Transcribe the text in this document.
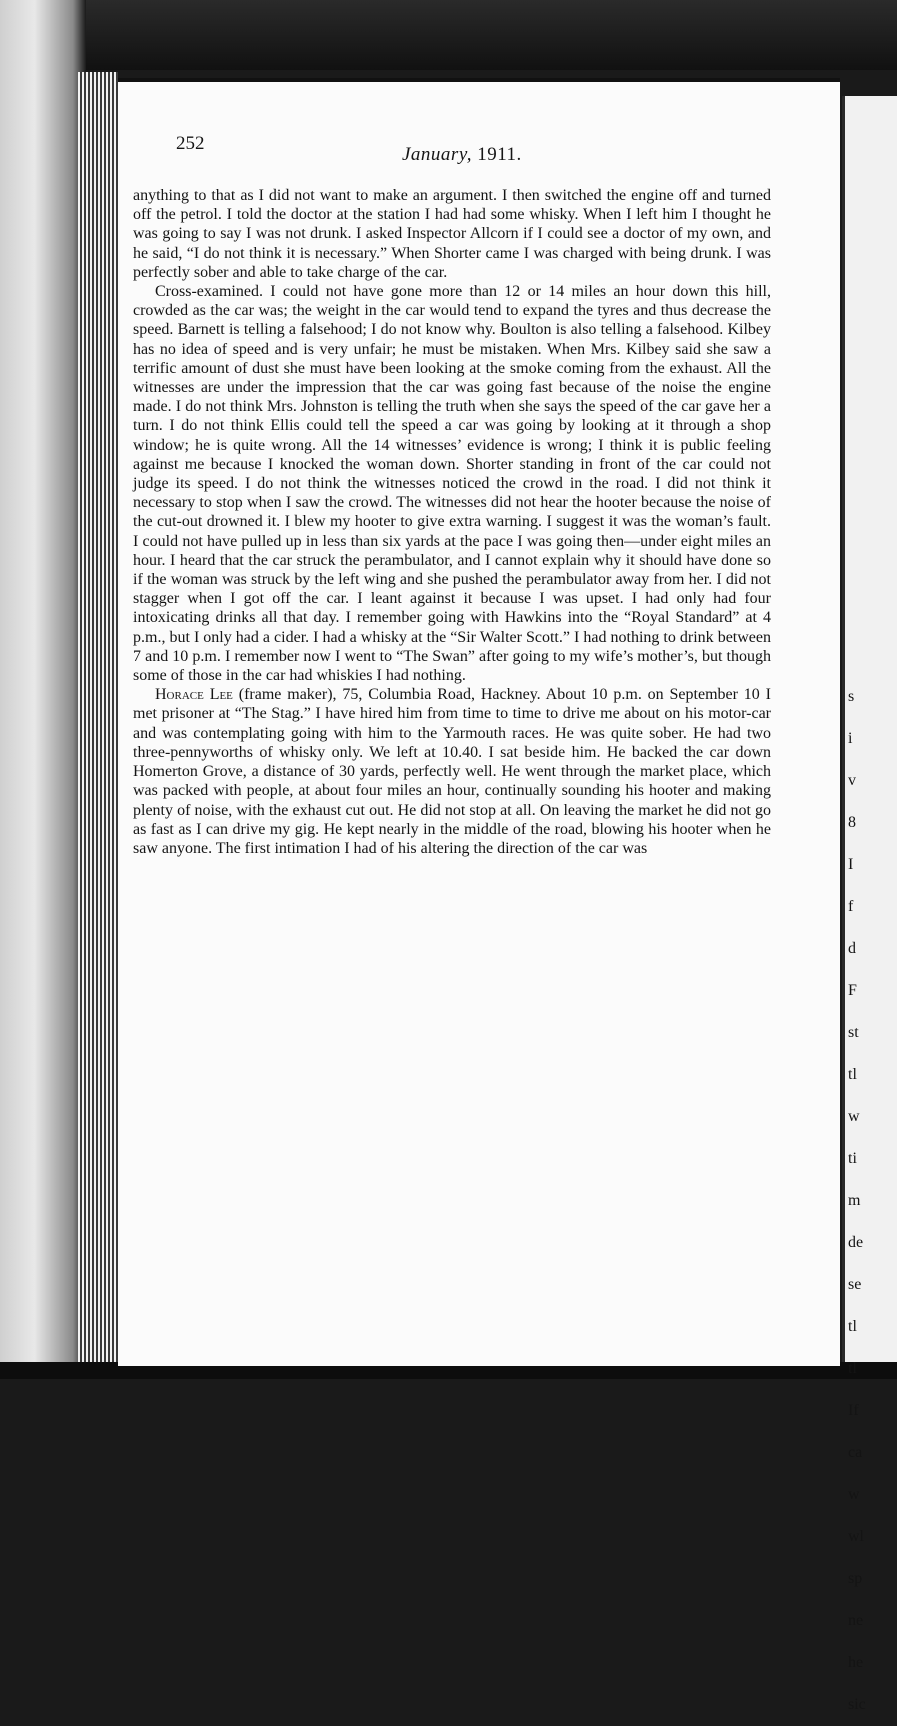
252
January, 1911.

anything to that as I did not want to make an argument. I then switched the engine off and turned off the petrol. I told the doctor at the station I had had some whisky. When I left him I thought he was going to say I was not drunk. I asked Inspector Allcorn if I could see a doctor of my own, and he said, “I do not think it is necessary.” When Shorter came I was charged with being drunk. I was perfectly sober and able to take charge of the car.

Cross-examined. I could not have gone more than 12 or 14 miles an hour down this hill, crowded as the car was; the weight in the car would tend to expand the tyres and thus decrease the speed. Barnett is telling a falsehood; I do not know why. Boulton is also telling a falsehood. Kilbey has no idea of speed and is very unfair; he must be mistaken. When Mrs. Kilbey said she saw a terrific amount of dust she must have been looking at the smoke coming from the exhaust. All the witnesses are under the impression that the car was going fast because of the noise the engine made. I do not think Mrs. Johnston is telling the truth when she says the speed of the car gave her a turn. I do not think Ellis could tell the speed a car was going by looking at it through a shop window; he is quite wrong. All the 14 witnesses’ evidence is wrong; I think it is public feeling against me because I knocked the woman down. Shorter standing in front of the car could not judge its speed. I do not think the witnesses noticed the crowd in the road. I did not think it necessary to stop when I saw the crowd. The witnesses did not hear the hooter because the noise of the cut-out drowned it. I blew my hooter to give extra warning. I suggest it was the woman’s fault. I could not have pulled up in less than six yards at the pace I was going then—under eight miles an hour. I heard that the car struck the perambulator, and I cannot explain why it should have done so if the woman was struck by the left wing and she pushed the perambulator away from her. I did not stagger when I got off the car. I leant against it because I was upset. I had only had four intoxicating drinks all that day. I remember going with Hawkins into the “Royal Standard” at 4 p.m., but I only had a cider. I had a whisky at the “Sir Walter Scott.” I had nothing to drink between 7 and 10 p.m. I remember now I went to “The Swan” after going to my wife’s mother’s, but though some of those in the car had whiskies I had nothing.

Horace Lee (frame maker), 75, Columbia Road, Hackney. About 10 p.m. on September 10 I met prisoner at “The Stag.” I have hired him from time to time to drive me about on his motor-car and was contemplating going with him to the Yarmouth races. He was quite sober. He had two three-pennyworths of whisky only. We left at 10.40. I sat beside him. He backed the car down Homerton Grove, a distance of 30 yards, perfectly well. He went through the market place, which was packed with people, at about four miles an hour, continually sounding his hooter and making plenty of noise, with the exhaust cut out. He did not stop at all. On leaving the market he did not go as fast as I can drive my gig. He kept nearly in the middle of the road, blowing his hooter when he saw anyone. The first intimation I had of his altering the direction of the car was

s
i
v
8
I
f
d
F
st
tl
w
ti
m
de
se
tl
tl
If
ca
w
wl
sp
ne
he
sic
